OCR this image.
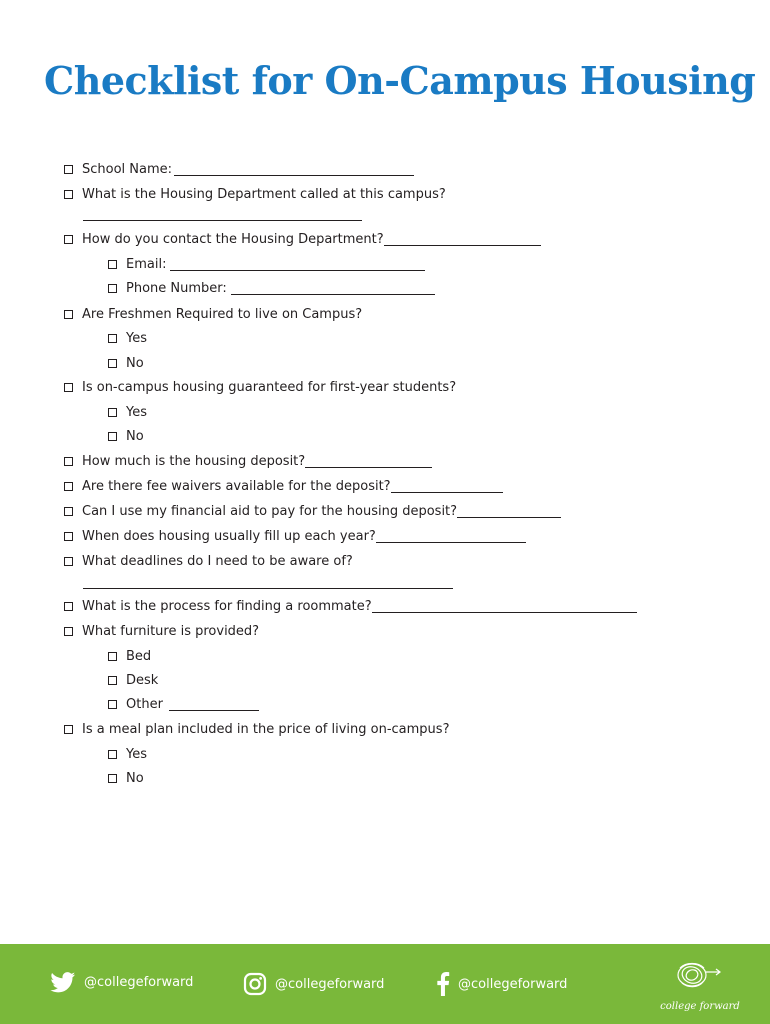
Checklist for On-Campus Housing
School Name:
What is the Housing Department called at this campus?
How do you contact the Housing Department?
Email:
Phone Number:
Are Freshmen Required to live on Campus?
Yes
No
Is on-campus housing guaranteed for first-year students?
Yes
No
How much is the housing deposit?
Are there fee waivers available for the deposit?
Can I use my financial aid to pay for the housing deposit?
When does housing usually fill up each year?
What deadlines do I need to be aware of?
What is the process for finding a roommate?
What furniture is provided?
Bed
Desk
Other
Is a meal plan included in the price of living on-campus?
Yes
No
@collegeforward	@collegeforward	@collegeforward
college forward
